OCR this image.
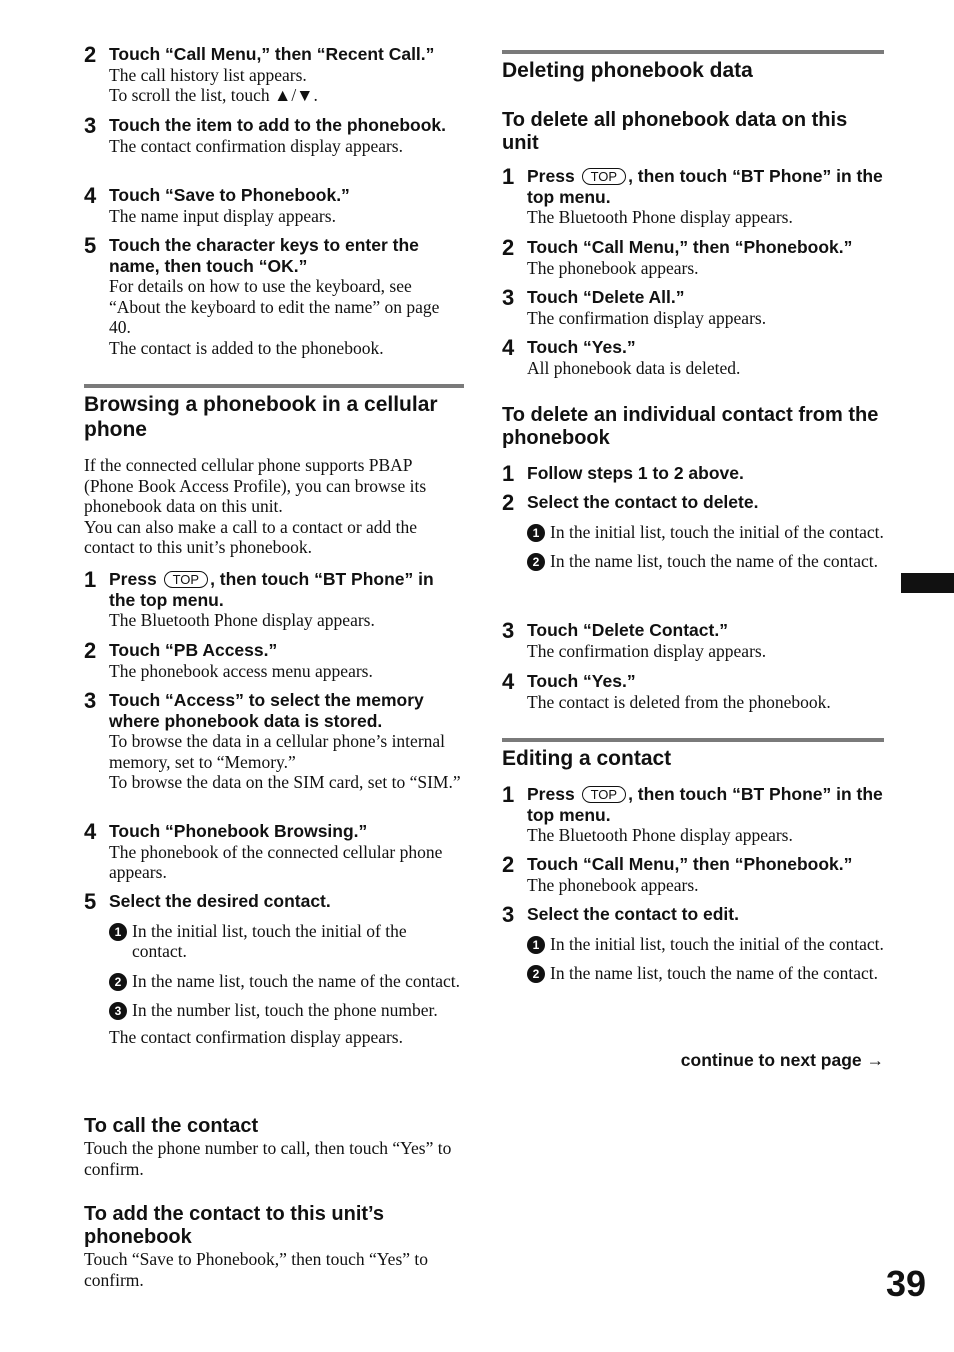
2 Touch “Call Menu,” then “Recent Call.”
The call history list appears.
To scroll the list, touch ▲/▼.
3 Touch the item to add to the phonebook.
The contact confirmation display appears.
4 Touch “Save to Phonebook.”
The name input display appears.
5 Touch the character keys to enter the name, then touch “OK.”
For details on how to use the keyboard, see “About the keyboard to edit the name” on page 40.
The contact is added to the phonebook.
Browsing a phonebook in a cellular phone
If the connected cellular phone supports PBAP (Phone Book Access Profile), you can browse its phonebook data on this unit.
You can also make a call to a contact or add the contact to this unit’s phonebook.
1 Press TOP , then touch “BT Phone” in the top menu.
The Bluetooth Phone display appears.
2 Touch “PB Access.”
The phonebook access menu appears.
3 Touch “Access” to select the memory where phonebook data is stored.
To browse the data in a cellular phone’s internal memory, set to “Memory.”
To browse the data on the SIM card, set to “SIM.”
4 Touch “Phonebook Browsing.”
The phonebook of the connected cellular phone appears.
5 Select the desired contact.
1 In the initial list, touch the initial of the contact.
2 In the name list, touch the name of the contact.
3 In the number list, touch the phone number.
The contact confirmation display appears.
To call the contact
Touch the phone number to call, then touch “Yes” to confirm.
To add the contact to this unit’s phonebook
Touch “Save to Phonebook,” then touch “Yes” to confirm.
Deleting phonebook data
To delete all phonebook data on this unit
1 Press TOP , then touch “BT Phone” in the top menu.
The Bluetooth Phone display appears.
2 Touch “Call Menu,” then “Phonebook.”
The phonebook appears.
3 Touch “Delete All.”
The confirmation display appears.
4 Touch “Yes.”
All phonebook data is deleted.
To delete an individual contact from the phonebook
1 Follow steps 1 to 2 above.
2 Select the contact to delete.
1 In the initial list, touch the initial of the contact.
2 In the name list, touch the name of the contact.
3 Touch “Delete Contact.”
The confirmation display appears.
4 Touch “Yes.”
The contact is deleted from the phonebook.
Editing a contact
1 Press TOP , then touch “BT Phone” in the top menu.
The Bluetooth Phone display appears.
2 Touch “Call Menu,” then “Phonebook.”
The phonebook appears.
3 Select the contact to edit.
1 In the initial list, touch the initial of the contact.
2 In the name list, touch the name of the contact.
continue to next page →
39
